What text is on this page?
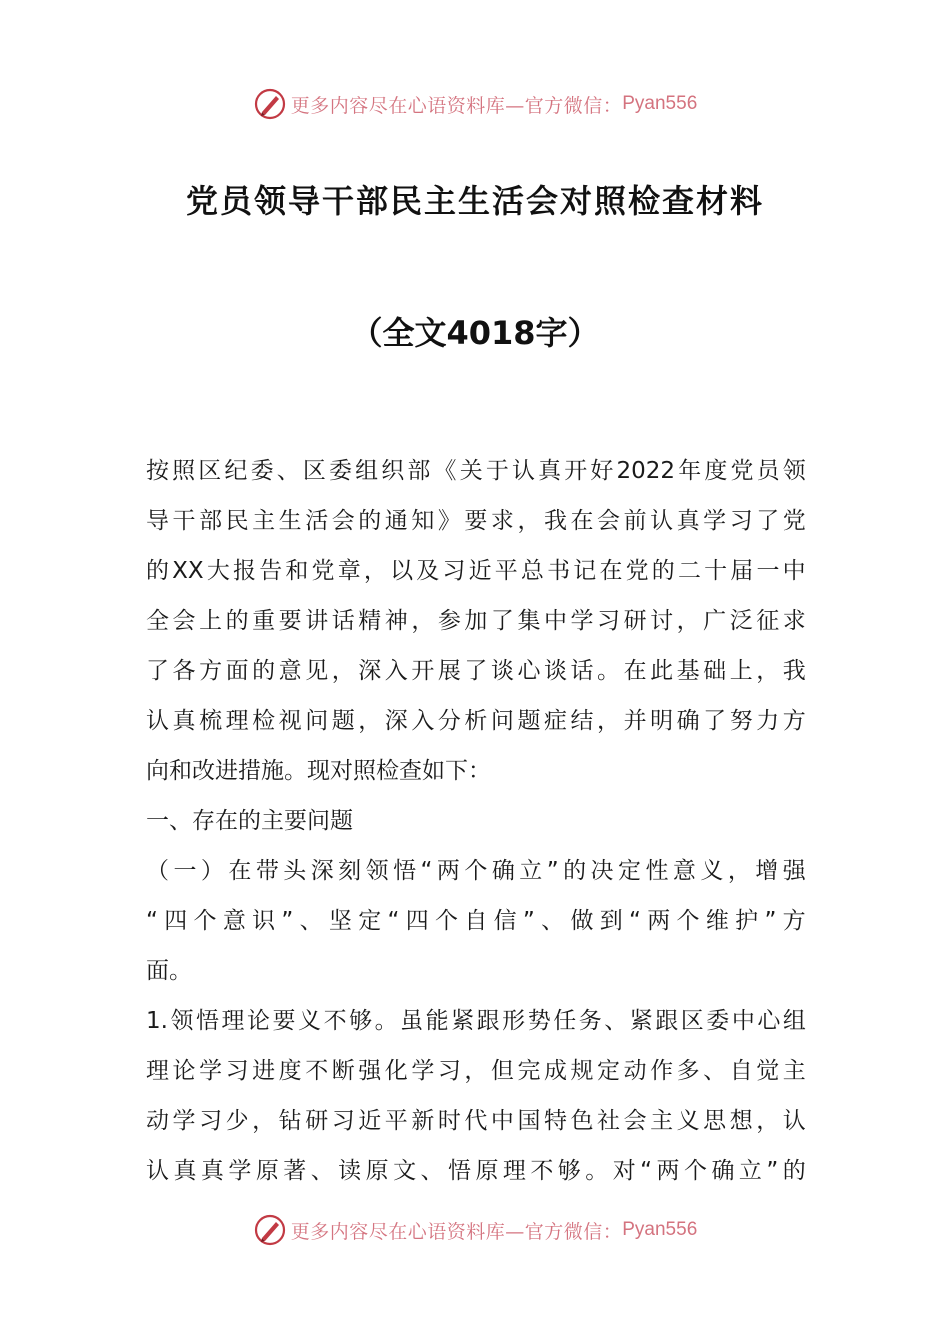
更多内容尽在心语资料库—官方微信： Pyan556
党员领导干部民主生活会对照检查材料
（全文4018字）
按 照 区 纪 委 、 区 委 组 织 部 《 关 于 认 真 开 好 2022 年 度 党 员 领
导 干 部 民 主 生 活 会 的 通 知 》 要 求 ， 我 在 会 前 认 真 学 习 了 党
的 XX 大 报 告 和 党 章 ， 以 及 习 近 平 总 书 记 在 党 的 二 十 届 一 中
全 会 上 的 重 要 讲 话 精 神 ， 参 加 了 集 中 学 习 研 讨 ， 广 泛 征 求
了 各 方 面 的 意 见 ， 深 入 开 展 了 谈 心 谈 话 。 在 此 基 础 上 ， 我
认 真 梳 理 检 视 问 题 ， 深 入 分 析 问 题 症 结 ， 并 明 确 了 努 力 方
向 和 改 进 措 施 。 现 对 照 检 查 如 下 ：
一 、 存 在 的 主 要 问 题
（ 一 ） 在 带 头 深 刻 领 悟 “ 两 个 确 立 ” 的 决 定 性 意 义 ， 增 强
“ 四 个 意 识 ” 、 坚 定 “ 四 个 自 信 ” 、 做 到 “ 两 个 维 护 ” 方
面 。
1. 领 悟 理 论 要 义 不 够 。 虽 能 紧 跟 形 势 任 务 、 紧 跟 区 委 中 心 组
理 论 学 习 进 度 不 断 强 化 学 习 ， 但 完 成 规 定 动 作 多 、 自 觉 主
动 学 习 少 ， 钻 研 习 近 平 新 时 代 中 国 特 色 社 会 主 义 思 想 ， 认
认 真 真 学 原 著 、 读 原 文 、 悟 原 理 不 够 。 对 “ 两 个 确 立 ” 的
更多内容尽在心语资料库—官方微信： Pyan556
